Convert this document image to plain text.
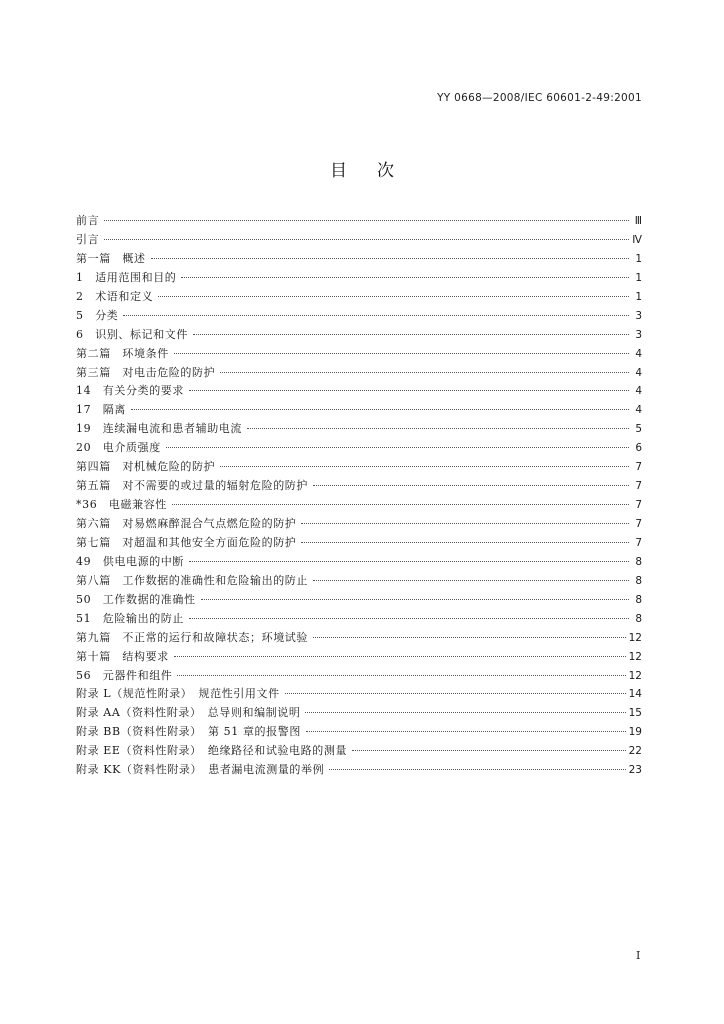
YY 0668—2008/IEC 60601-2-49:2001
目次
前言	Ⅲ
引言	Ⅳ
第一篇　概述	1
1　适用范围和目的	1
2　术语和定义	1
5　分类	3
6　识别、标记和文件	3
第二篇　环境条件	4
第三篇　对电击危险的防护	4
14　有关分类的要求	4
17　隔离	4
19　连续漏电流和患者辅助电流	5
20　电介质强度	6
第四篇　对机械危险的防护	7
第五篇　对不需要的或过量的辐射危险的防护	7
*36　电磁兼容性	7
第六篇　对易燃麻醉混合气点燃危险的防护	7
第七篇　对超温和其他安全方面危险的防护	7
49　供电电源的中断	8
第八篇　工作数据的准确性和危险输出的防止	8
50　工作数据的准确性	8
51　危险输出的防止	8
第九篇　不正常的运行和故障状态；环境试验	12
第十篇　结构要求	12
56　元器件和组件	12
附录 L（规范性附录）　规范性引用文件	14
附录 AA（资料性附录）　总导则和编制说明	15
附录 BB（资料性附录）　第 51 章的报警图	19
附录 EE（资料性附录）　绝缘路径和试验电路的测量	22
附录 KK（资料性附录）　患者漏电流测量的举例	23
I
